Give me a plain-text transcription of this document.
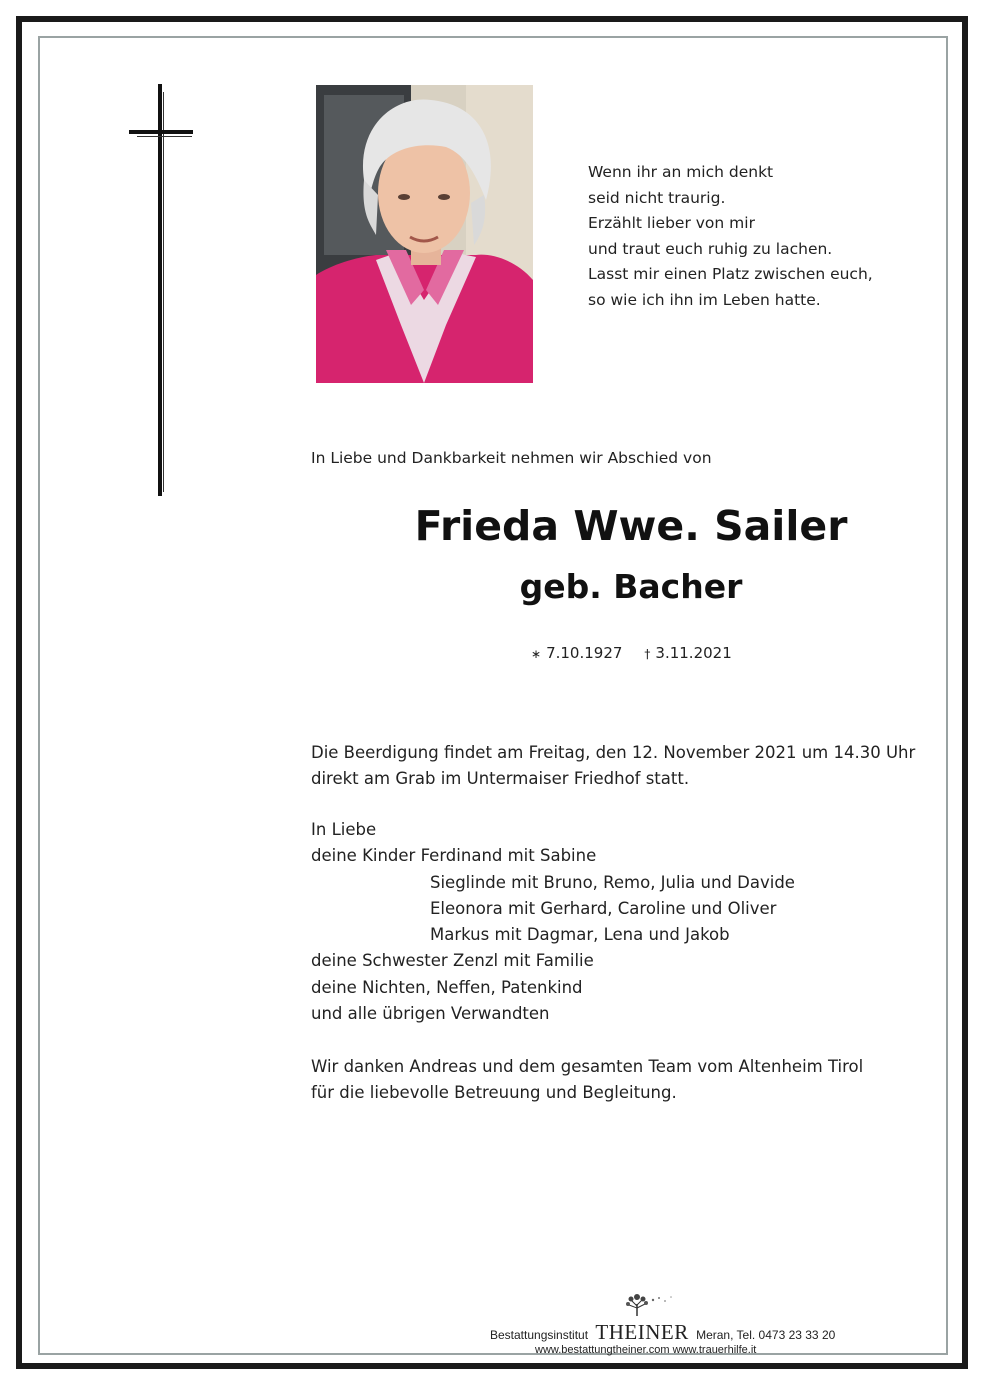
Wenn ihr an mich denkt
seid nicht traurig.
Erzählt lieber von mir
und traut euch ruhig zu lachen.
Lasst mir einen Platz zwischen euch,
so wie ich ihn im Leben hatte.
In Liebe und Dankbarkeit nehmen wir Abschied von
Frieda Wwe. Sailer
geb. Bacher
∗ 7.10.1927 † 3.11.2021
Die Beerdigung findet am Freitag, den 12. November 2021 um 14.30 Uhr
direkt am Grab im Untermaiser Friedhof statt.
In Liebe
deine Kinder Ferdinand mit Sabine
Sieglinde mit Bruno, Remo, Julia und Davide
Eleonora mit Gerhard, Caroline und Oliver
Markus mit Dagmar, Lena und Jakob
deine Schwester Zenzl mit Familie
deine Nichten, Neffen, Patenkind
und alle übrigen Verwandten
Wir danken Andreas und dem gesamten Team vom Altenheim Tirol
für die liebevolle Betreuung und Begleitung.
Bestattungsinstitut THEINER Meran, Tel. 0473 23 33 20
www.bestattungtheiner.com www.trauerhilfe.it
